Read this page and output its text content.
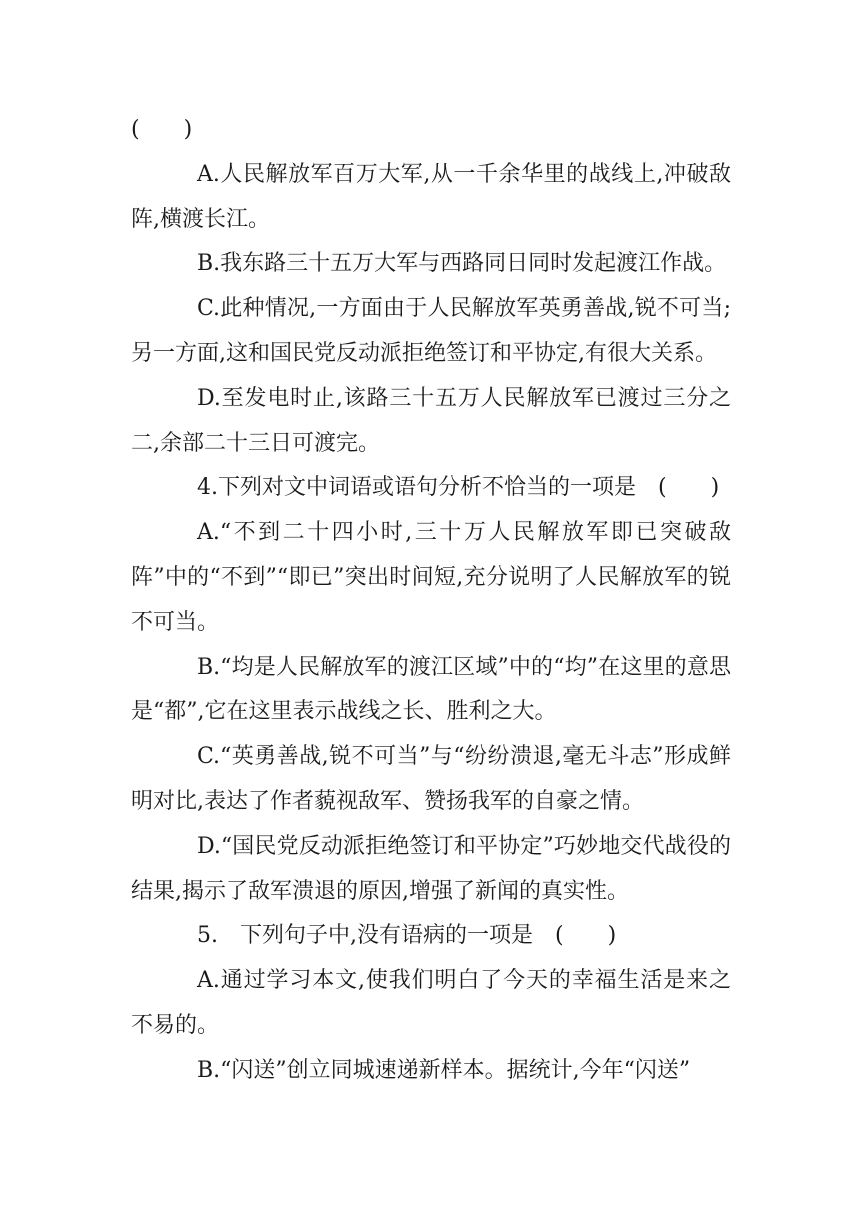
(　　)

A.人民解放军百万大军,从一千余华里的战线上,冲破敌阵,横渡长江。

B.我东路三十五万大军与西路同日同时发起渡江作战。

C.此种情况,一方面由于人民解放军英勇善战,锐不可当;另一方面,这和国民党反动派拒绝签订和平协定,有很大关系。

D.至发电时止,该路三十五万人民解放军已渡过三分之二,余部二十三日可渡完。

4.下列对文中词语或语句分析不恰当的一项是　(　　)

A.“不到二十四小时,三十万人民解放军即已突破敌阵”中的“不到”“即已”突出时间短,充分说明了人民解放军的锐不可当。

B.“均是人民解放军的渡江区域”中的“均”在这里的意思是“都”,它在这里表示战线之长、胜利之大。

C.“英勇善战,锐不可当”与“纷纷溃退,毫无斗志”形成鲜明对比,表达了作者藐视敌军、赞扬我军的自豪之情。

D.“国民党反动派拒绝签订和平协定”巧妙地交代战役的结果,揭示了敌军溃退的原因,增强了新闻的真实性。

5.　下列句子中,没有语病的一项是　(　　)

A.通过学习本文,使我们明白了今天的幸福生活是来之不易的。

B.“闪送”创立同城速递新样本。据统计,今年“闪送”
